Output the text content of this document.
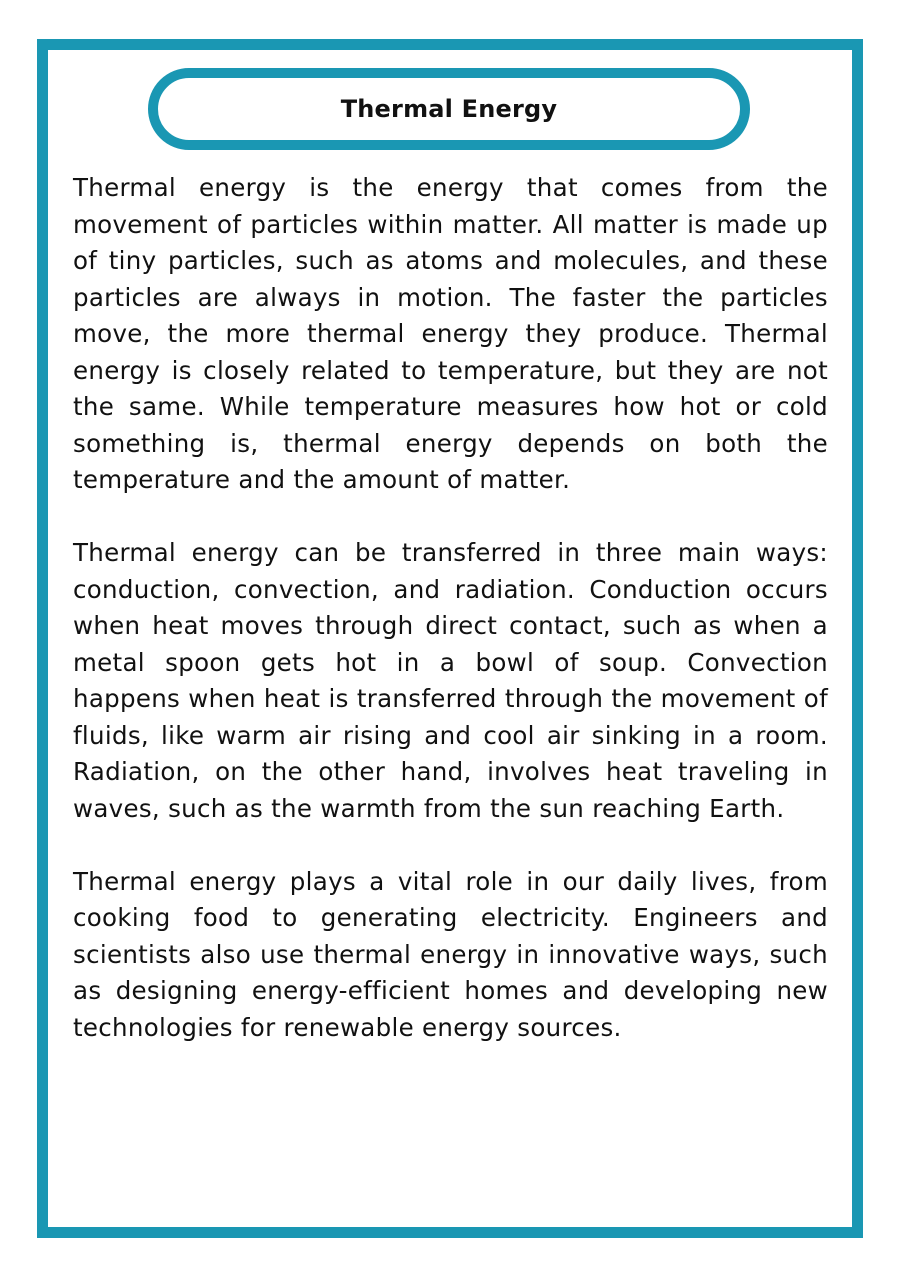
Thermal Energy

Thermal energy is the energy that comes from the movement of particles within matter. All matter is made up of tiny particles, such as atoms and molecules, and these particles are always in motion. The faster the particles move, the more thermal energy they produce. Thermal energy is closely related to temperature, but they are not the same. While temperature measures how hot or cold something is, thermal energy depends on both the temperature and the amount of matter.

Thermal energy can be transferred in three main ways: conduction, convection, and radiation. Conduction occurs when heat moves through direct contact, such as when a metal spoon gets hot in a bowl of soup. Convection happens when heat is transferred through the movement of fluids, like warm air rising and cool air sinking in a room. Radiation, on the other hand, involves heat traveling in waves, such as the warmth from the sun reaching Earth.

Thermal energy plays a vital role in our daily lives, from cooking food to generating electricity. Engineers and scientists also use thermal energy in innovative ways, such as designing energy-efficient homes and developing new technologies for renewable energy sources.
